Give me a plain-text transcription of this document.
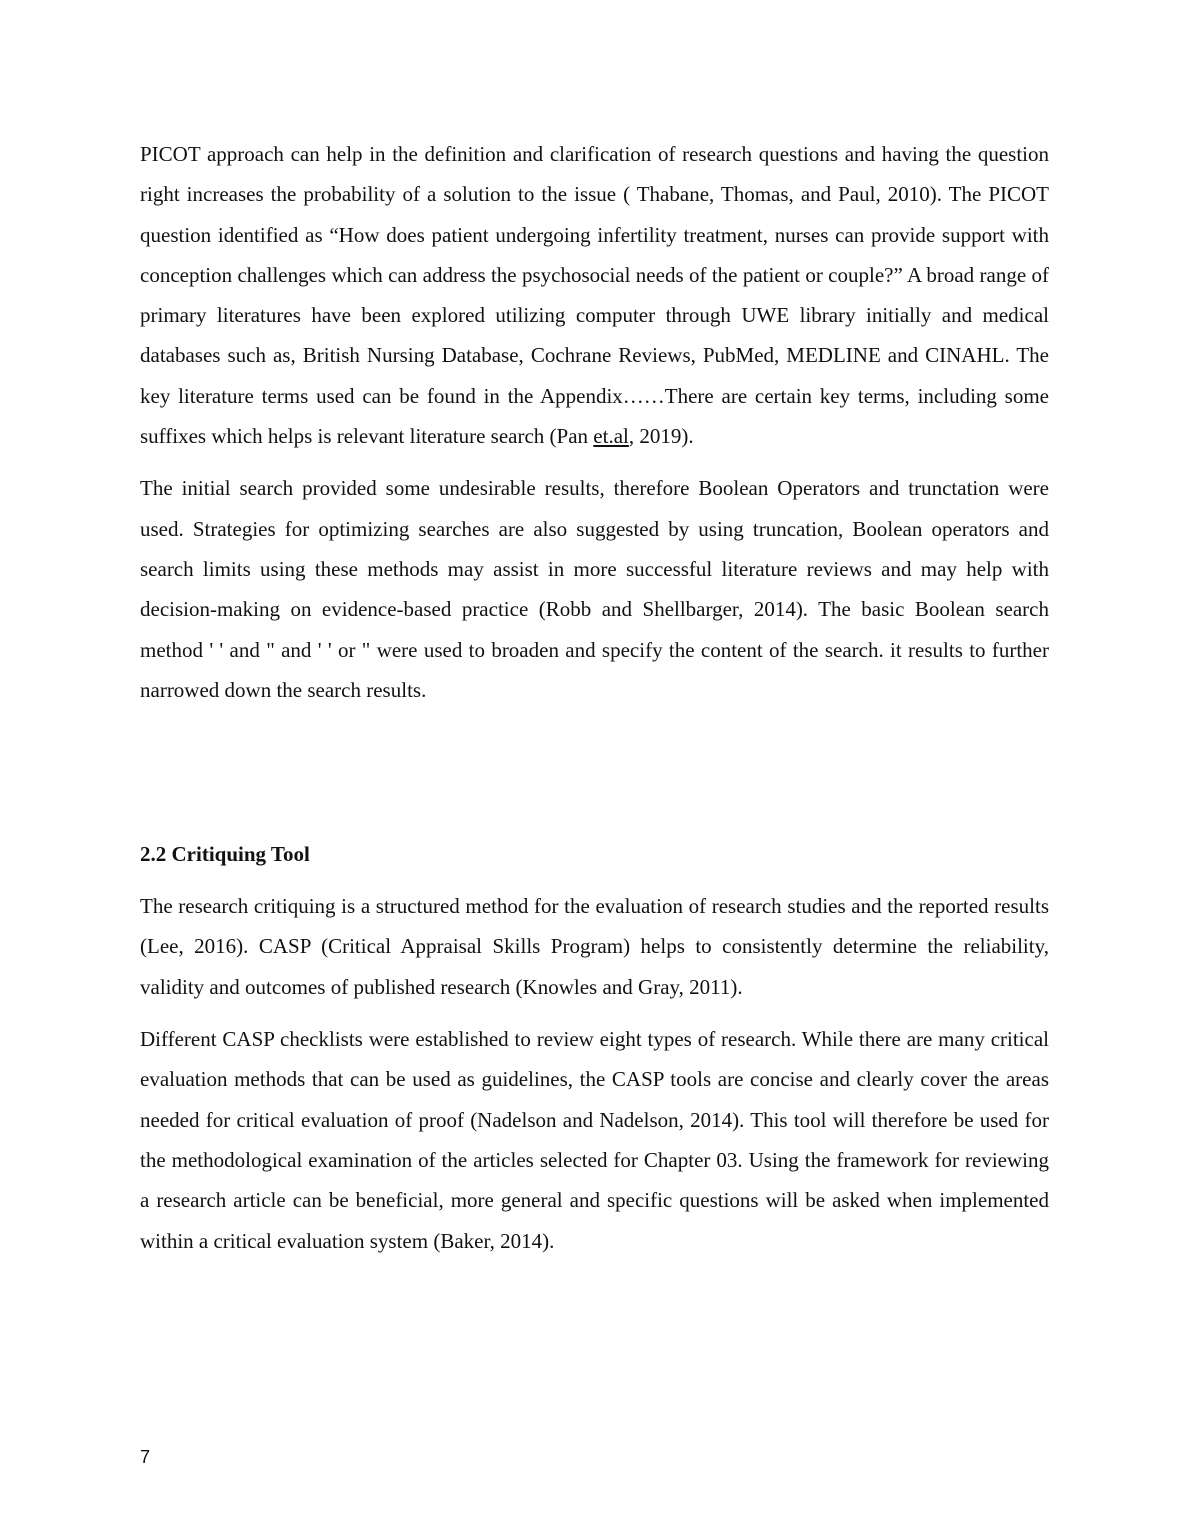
PICOT approach can help in the definition and clarification of research questions and having the question right increases the probability of a solution to the issue ( Thabane, Thomas, and Paul, 2010). The PICOT question identified as “How does patient undergoing infertility treatment, nurses can provide support with conception challenges which can address the psychosocial needs of the patient or couple?” A broad range of primary literatures have been explored utilizing computer through UWE library initially and medical databases such as, British Nursing Database, Cochrane Reviews, PubMed, MEDLINE and CINAHL. The key literature terms used can be found in the Appendix……There are certain key terms, including some suffixes which helps is relevant literature search (Pan et.al, 2019).

The initial search provided some undesirable results, therefore Boolean Operators and trunctation were used. Strategies for optimizing searches are also suggested by using truncation, Boolean operators and search limits using these methods may assist in more successful literature reviews and may help with decision-making on evidence-based practice (Robb and Shellbarger, 2014). The basic Boolean search method ' ' and " and ' ' or " were used to broaden and specify the content of the search. it results to further narrowed down the search results.

2.2 Critiquing Tool

The research critiquing is a structured method for the evaluation of research studies and the reported results (Lee, 2016). CASP (Critical Appraisal Skills Program) helps to consistently determine the reliability, validity and outcomes of published research (Knowles and Gray, 2011).

Different CASP checklists were established to review eight types of research. While there are many critical evaluation methods that can be used as guidelines, the CASP tools are concise and clearly cover the areas needed for critical evaluation of proof (Nadelson and Nadelson, 2014). This tool will therefore be used for the methodological examination of the articles selected for Chapter 03. Using the framework for reviewing a research article can be beneficial, more general and specific questions will be asked when implemented within a critical evaluation system (Baker, 2014).

7
